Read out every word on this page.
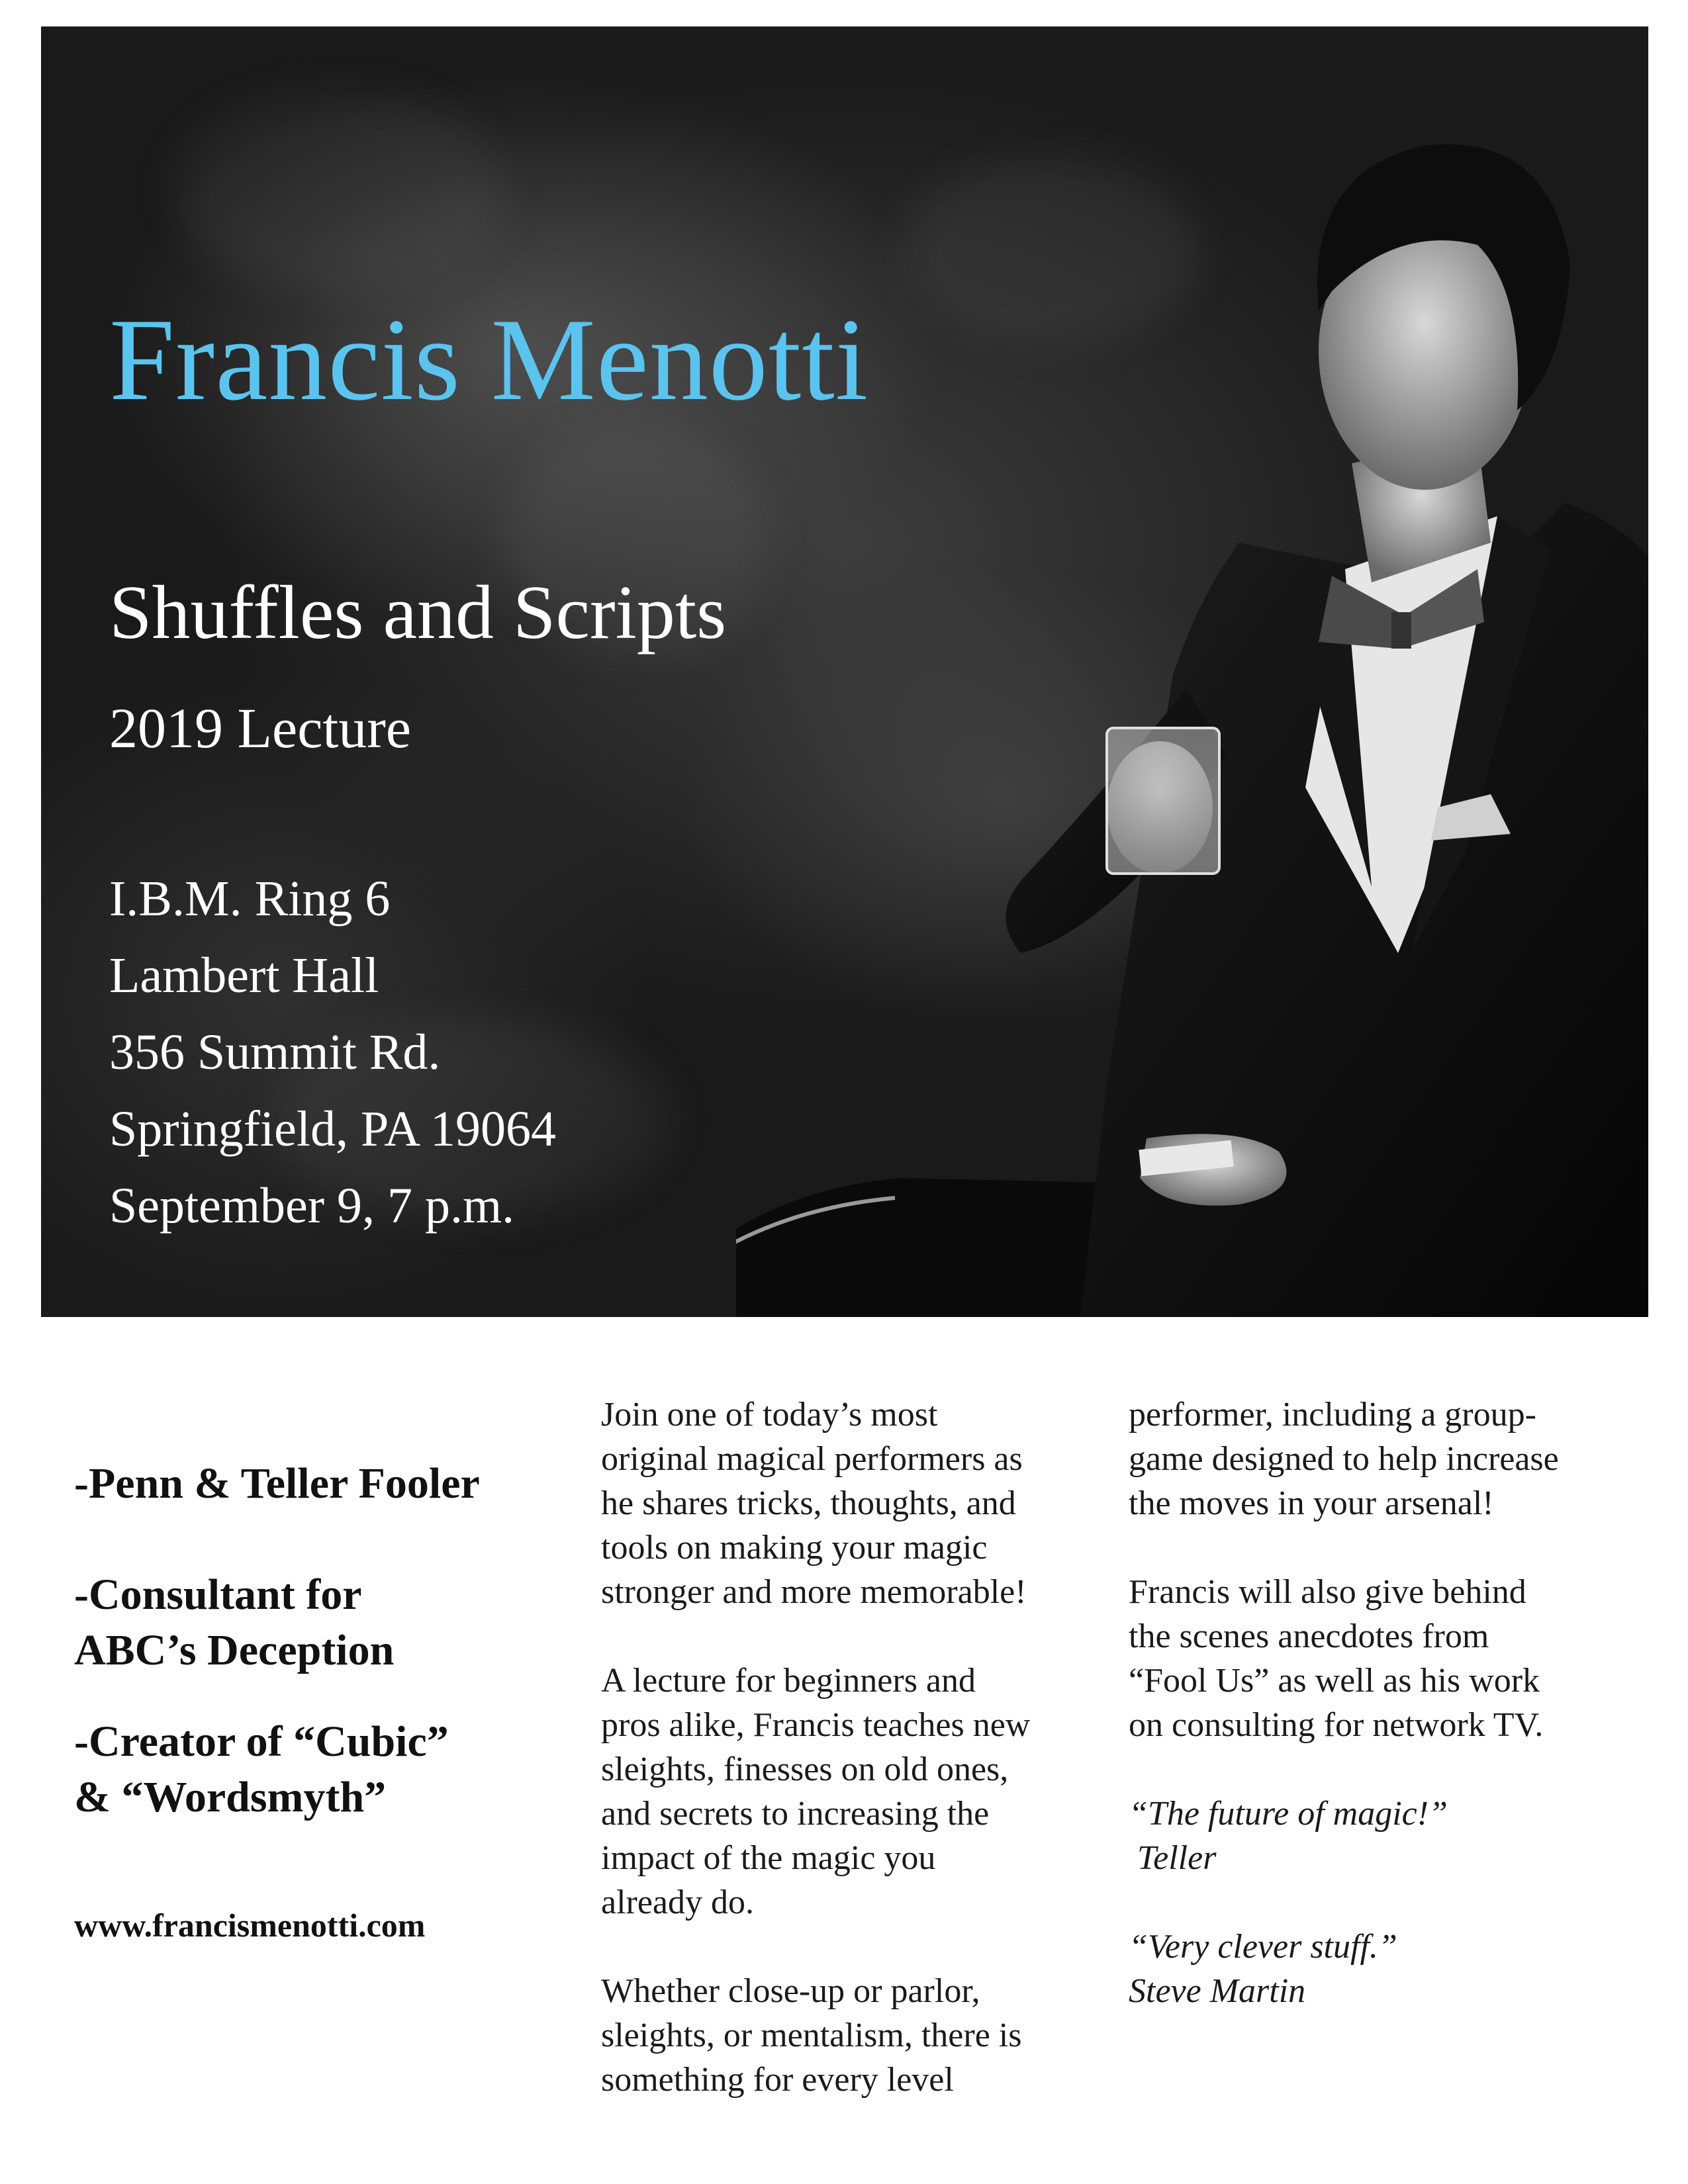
Francis Menotti
Shuffles and Scripts
2019 Lecture
I.B.M. Ring 6
Lambert Hall
356 Summit Rd.
Springfield, PA 19064
September 9, 7 p.m.
-Penn & Teller Fooler
-Consultant for
ABC’s Deception
-Creator of “Cubic”
& “Wordsmyth”
www.francismenotti.com

Join one of today’s most
original magical performers as
he shares tricks, thoughts, and
tools on making your magic
stronger and more memorable!

A lecture for beginners and
pros alike, Francis teaches new
sleights, finesses on old ones,
and secrets to increasing the
impact of the magic you
already do.

Whether close-up or parlor,
sleights, or mentalism, there is
something for every level

performer, including a group-
game designed to help increase
the moves in your arsenal!

Francis will also give behind
the scenes anecdotes from
“Fool Us” as well as his work
on consulting for network TV.

“The future of magic!”
Teller

“Very clever stuff.”
Steve Martin
